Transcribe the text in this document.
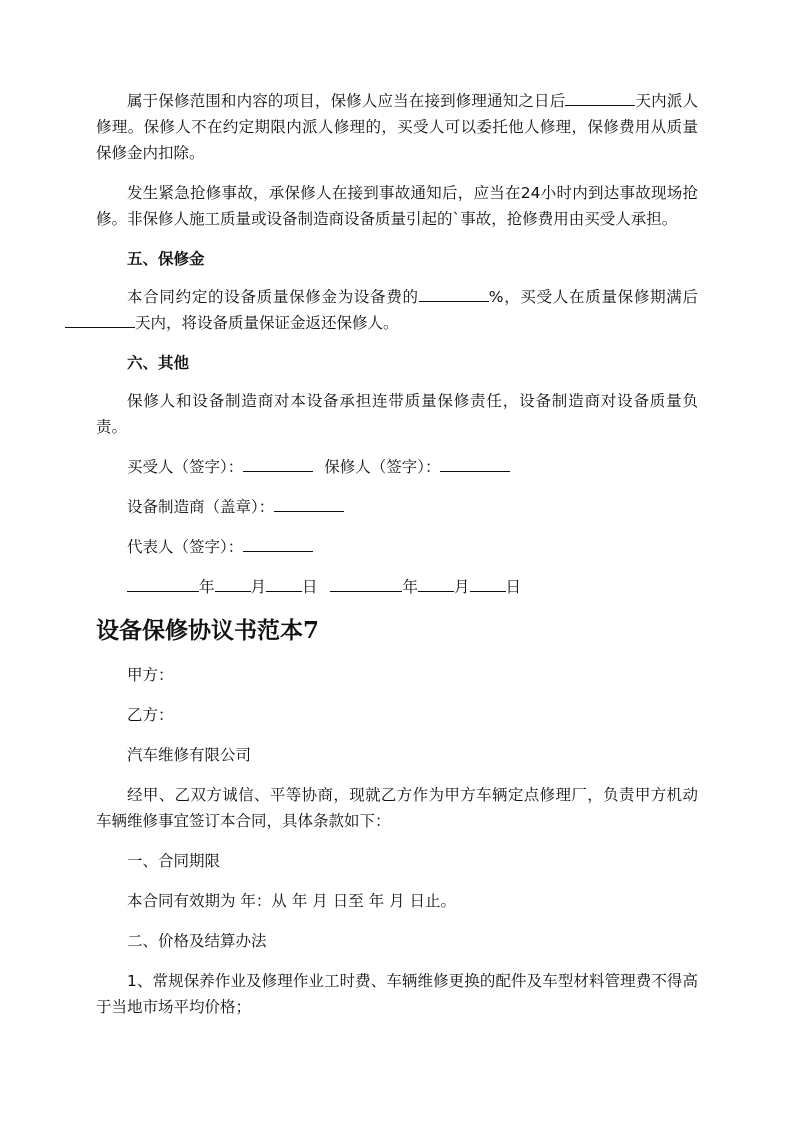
属于保修范围和内容的项目，保修人应当在接到修理通知之日后	天内派人修理。保修人不在约定期限内派人修理的，买受人可以委托他人修理，保修费用从质量保修金内扣除。

发生紧急抢修事故，承保修人在接到事故通知后，应当在24小时内到达事故现场抢修。非保修人施工质量或设备制造商设备质量引起的`事故，抢修费用由买受人承担。

五、保修金

本合同约定的设备质量保修金为设备费的	%，买受人在质量保修期满后天内，将设备质量保证金返还保修人。

六、其他

保修人和设备制造商对本设备承担连带质量保修责任，设备制造商对设备质量负责。

买受人（签字）：	保修人（签字）：
设备制造商（盖章）：
代表人（签字）：
年 月 日	年 月 日
设备保修协议书范本7

甲方：

乙方：

汽车维修有限公司

经甲、乙双方诚信、平等协商，现就乙方作为甲方车辆定点修理厂，负责甲方机动车辆维修事宜签订本合同，具体条款如下：

一、合同期限

本合同有效期为 年：从 年 月 日至 年 月 日止。

二、价格及结算办法

1、常规保养作业及修理作业工时费、车辆维修更换的配件及车型材料管理费不得高于当地市场平均价格；
